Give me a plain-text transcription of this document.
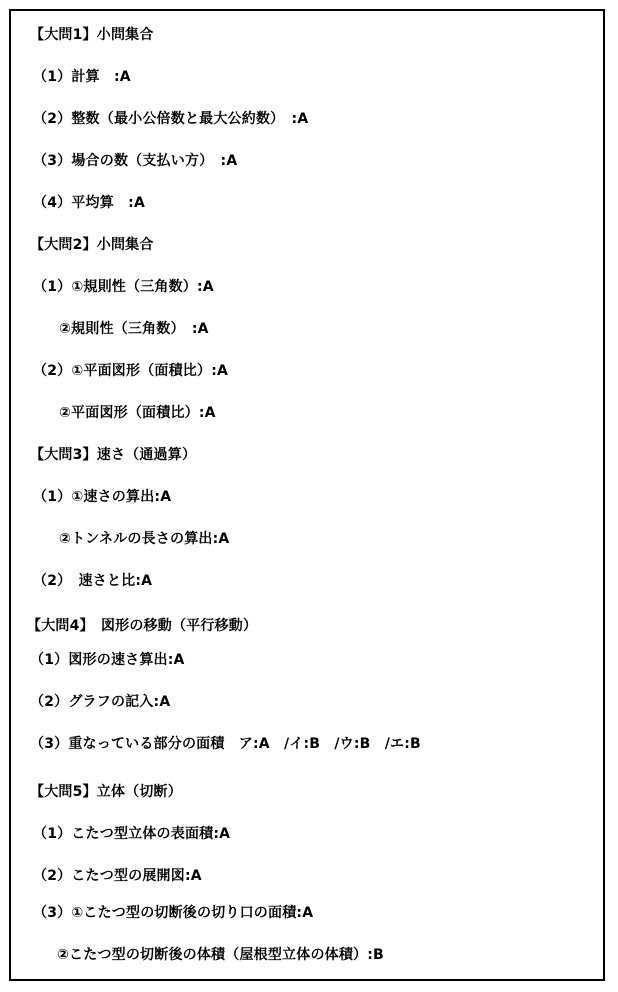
【大問1】小問集合
（1）計算　:A
（2）整数（最小公倍数と最大公約数）　:A
（3）場合の数（支払い方）　:A
（4）平均算　:A
【大問2】小問集合
（1）①規則性（三角数）:A
②規則性（三角数）　:A
（2）①平面図形（面積比）:A
②平面図形（面積比）:A
【大問3】速さ（通過算）
（1）①速さの算出:A
②トンネルの長さの算出:A
（2）　速さと比:A
【大問4】　図形の移動（平行移動）
（1）図形の速さ算出:A
（2）グラフの記入:A
（3）重なっている部分の面積　ア:A　/イ:B　/ウ:B　/エ:B
【大問5】立体（切断）
（1）こたつ型立体の表面積:A
（2）こたつ型の展開図:A
（3）①こたつ型の切断後の切り口の面積:A
②こたつ型の切断後の体積（屋根型立体の体積）:B
